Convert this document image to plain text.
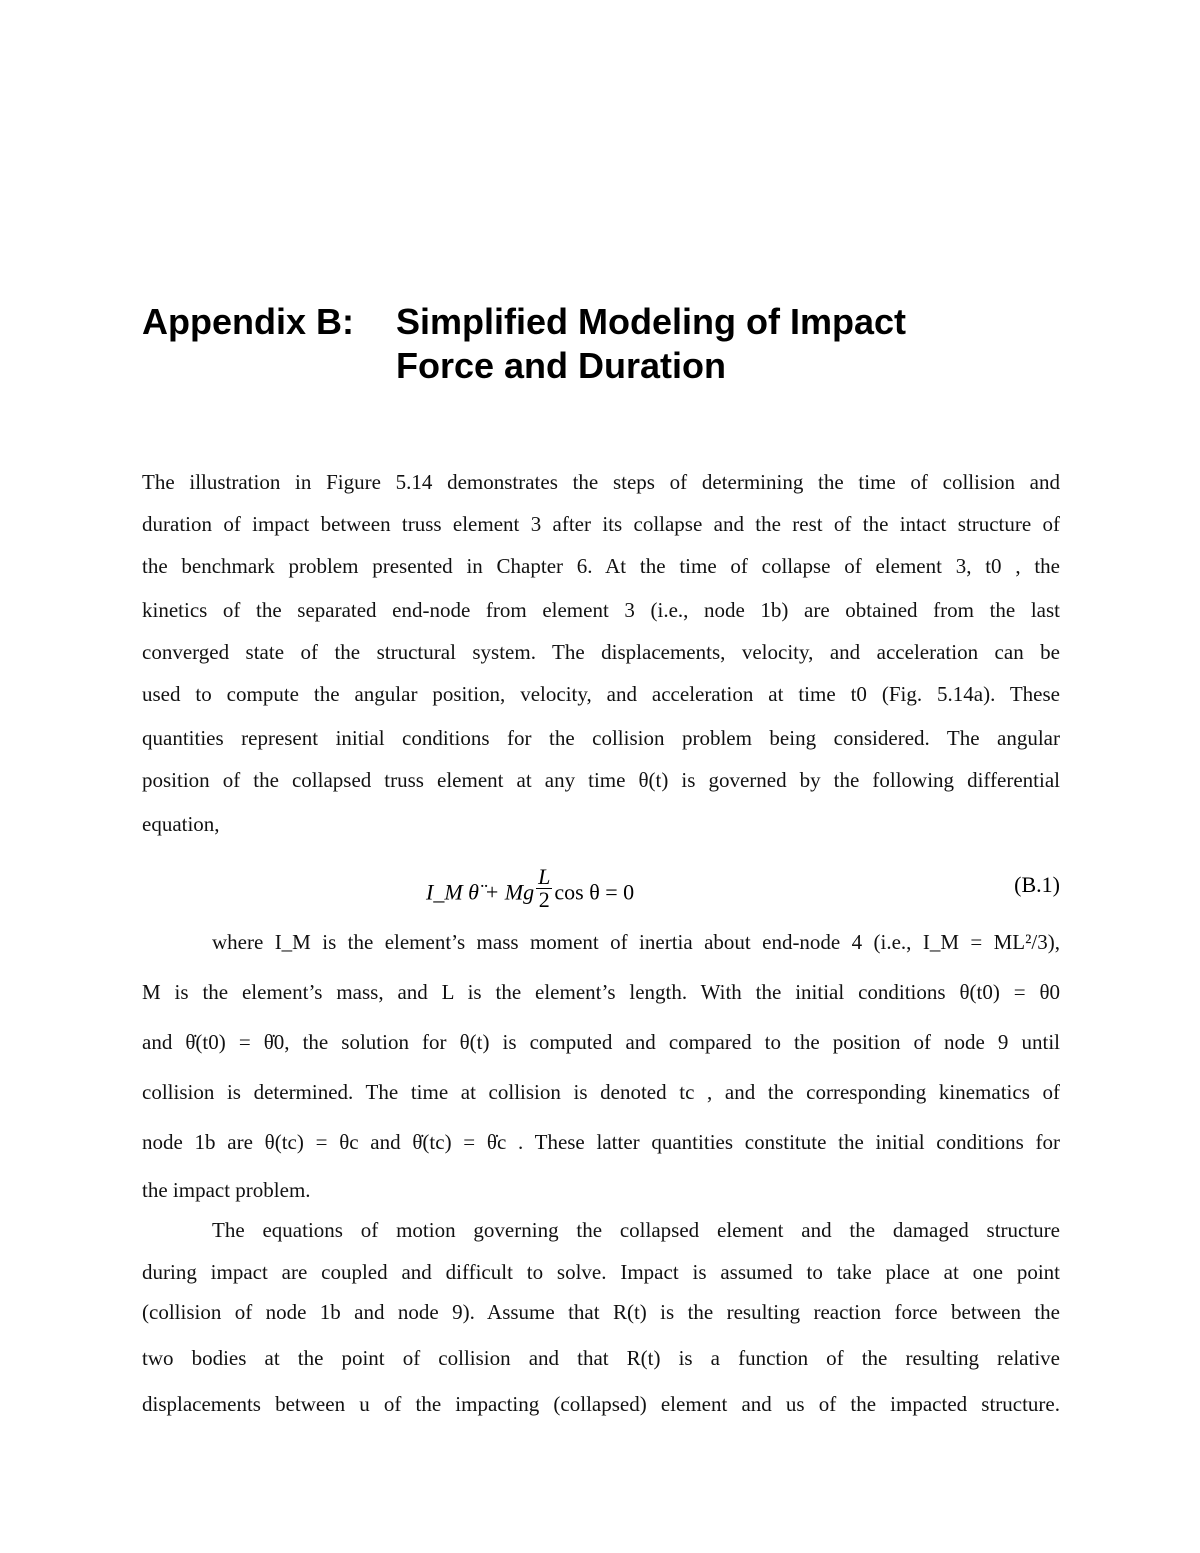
Appendix B: Simplified Modeling of Impact
Force and Duration
The illustration in Figure 5.14 demonstrates the steps of determining the time of collision and
duration of impact between truss element 3 after its collapse and the rest of the intact structure of
the benchmark problem presented in Chapter 6. At the time of collapse of element 3, t0 , the
kinetics of the separated end-node from element 3 (i.e., node 1b) are obtained from the last
converged state of the structural system. The displacements, velocity, and acceleration can be
used to compute the angular position, velocity, and acceleration at time t0 (Fig. 5.14a). These
quantities represent initial conditions for the collision problem being considered. The angular
position of the collapsed truss element at any time θ(t) is governed by the following differential
equation,
I_M θ̈ + Mg $\frac{L}{2}$ cos θ = 0	(B.1)
where I_M is the element’s mass moment of inertia about end-node 4 (i.e., I_M = ML²/3),
M is the element’s mass, and L is the element’s length. With the initial conditions θ(t0) = θ0
and θ̇(t0) = θ̇0, the solution for θ(t) is computed and compared to the position of node 9 until
collision is determined. The time at collision is denoted tc , and the corresponding kinematics of
node 1b are θ(tc) = θc and θ̇(tc) = θ̇c . These latter quantities constitute the initial conditions for
the impact problem.
The equations of motion governing the collapsed element and the damaged structure
during impact are coupled and difficult to solve. Impact is assumed to take place at one point
(collision of node 1b and node 9). Assume that R(t) is the resulting reaction force between the
two bodies at the point of collision and that R(t) is a function of the resulting relative
displacements between u of the impacting (collapsed) element and us of the impacted structure.
